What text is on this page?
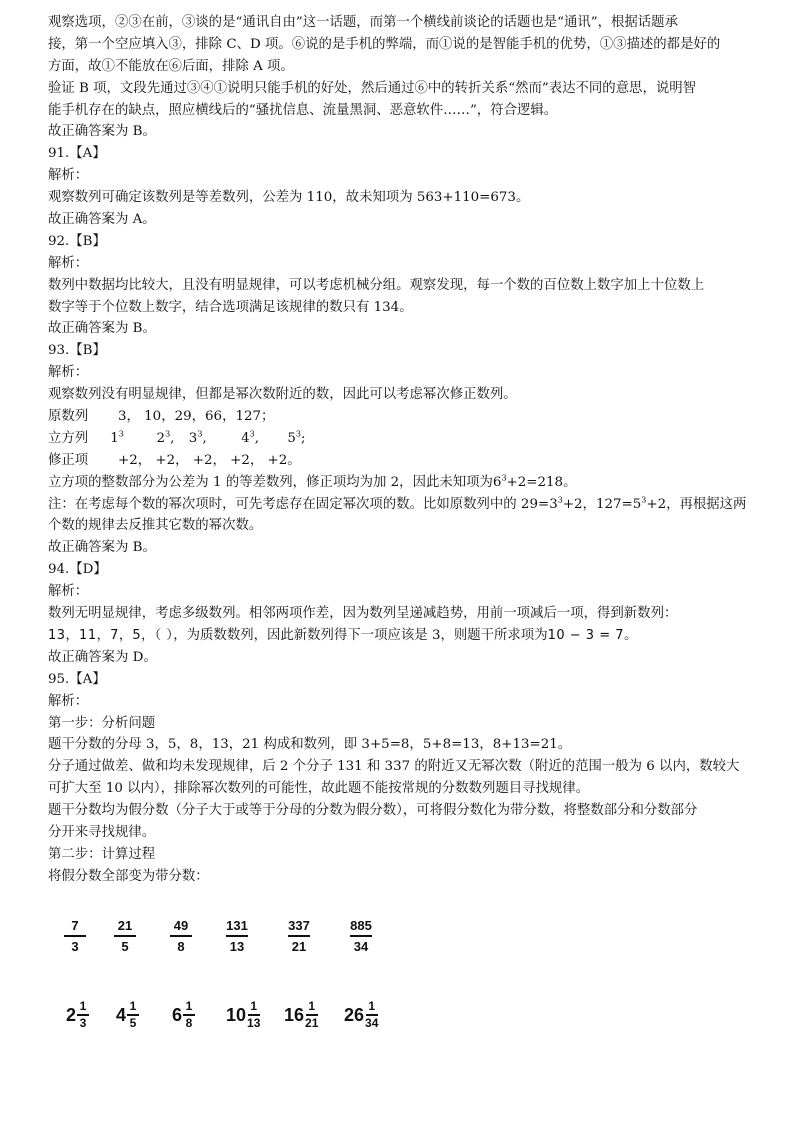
观察选项，②③在前，③谈的是“通讯自由”这一话题，而第一个横线前谈论的话题也是“通讯”，根据话题承
接，第一个空应填入③，排除 C、D 项。⑥说的是手机的弊端，而①说的是智能手机的优势，①③描述的都是好的
方面，故①不能放在⑥后面，排除 A 项。
验证 B 项，文段先通过③④①说明只能手机的好处，然后通过⑥中的转折关系“然而”表达不同的意思，说明智
能手机存在的缺点，照应横线后的“骚扰信息、流量黑洞、恶意软件……”，符合逻辑。
故正确答案为 B。
91.【A】
解析：
观察数列可确定该数列是等差数列，公差为 110，故未知项为 563+110=673。
故正确答案为 A。
92.【B】
解析：
数列中数据均比较大，且没有明显规律，可以考虑机械分组。观察发现，每一个数的百位数上数字加上十位数上
数字等于个位数上数字，结合选项满足该规律的数只有 134。
故正确答案为 B。
93.【B】
解析：
观察数列没有明显规律，但都是幂次数附近的数，因此可以考虑幂次修正数列。
原数列 3， 10，29，66，127；
立方列 $1^3$ $2^3$, $3^3$,	$4^3$, $5^3$;
修正项 +2， +2， +2， +2， +2。
立方项的整数部分为公差为 1 的等差数列，修正项均为加 2，因此未知项为$6^3+2=218$。
注：在考虑每个数的幂次项时，可先考虑存在固定幂次项的数。比如原数列中的 $29=3^3+2$，$127=5^3+2$，再根据这两
个数的规律去反推其它数的幂次数。
故正确答案为 B。
94.【D】
解析：
数列无明显规律，考虑多级数列。相邻两项作差，因为数列呈递减趋势，用前一项减后一项，得到新数列：
13，11，7，5，（ ），为质数数列，因此新数列得下一项应该是 3，则题干所求项为10 − 3 = 7。
故正确答案为 D。
95.【A】
解析：
第一步：分析问题
题干分数的分母 3，5，8，13，21 构成和数列，即 3+5=8，5+8=13，8+13=21。
分子通过做差、做和均未发现规律，后 2 个分子 131 和 337 的附近又无幂次数（附近的范围一般为 6 以内，数较大
可扩大至 10 以内），排除幂次数列的可能性，故此题不能按常规的分数数列题目寻找规律。
题干分数均为假分数（分子大于或等于分母的分数为假分数），可将假分数化为带分数，将整数部分和分数部分
分开来寻找规律。
第二步：计算过程
将假分数全部变为带分数：
7
3
21
5
49
8
131
13
337
21
885
34
$2 \frac{1}{3} 4 \frac{1}{5} 6 \frac{1}{8} 10 \frac{1}{13} 16 \frac{1}{21} 26 \frac{1}{34}$
